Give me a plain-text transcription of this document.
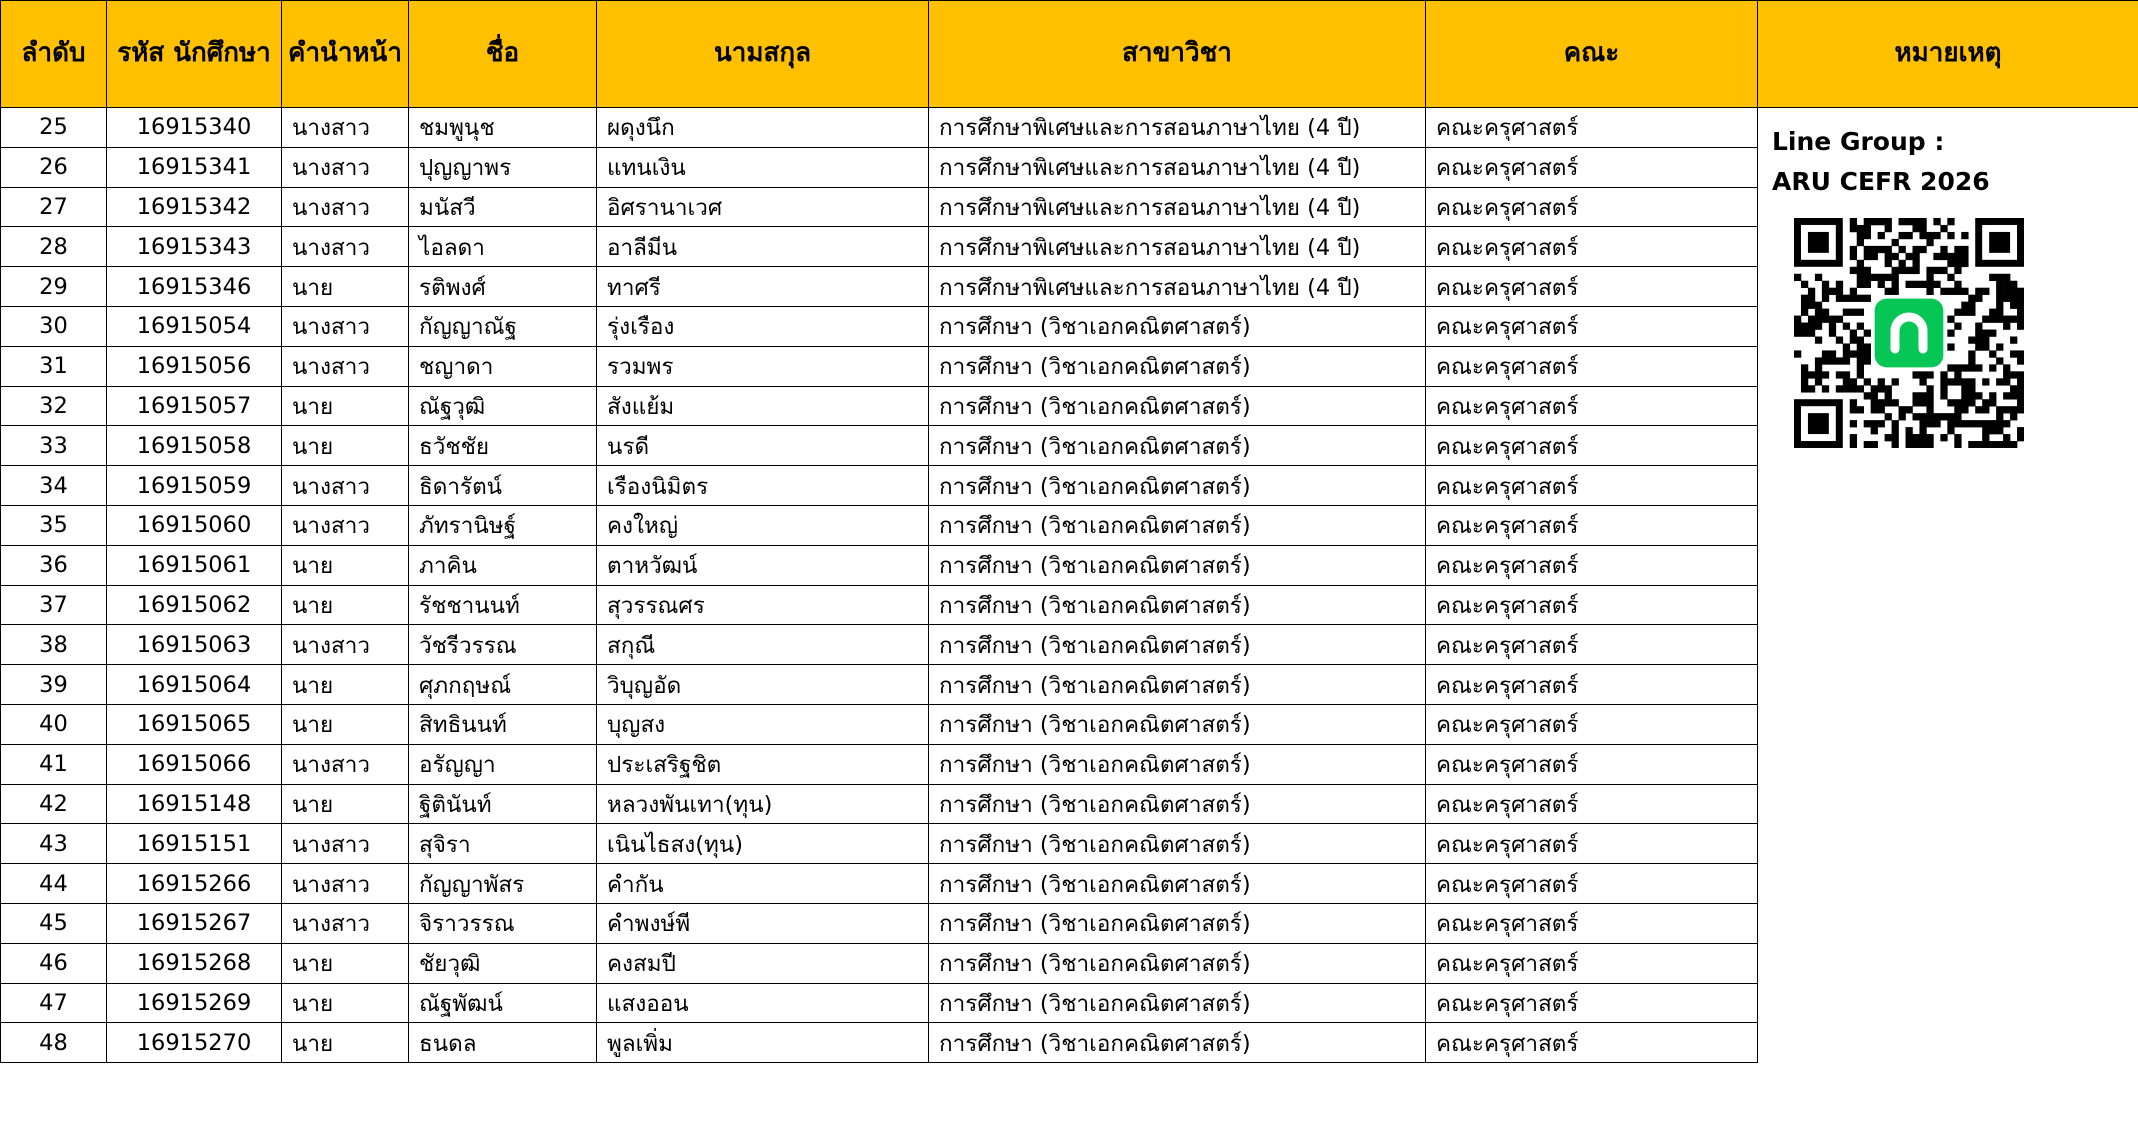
ลำดับ	รหัส นักศึกษา	คำนำหน้า	ชื่อ	นามสกุล	สาขาวิชา	คณะ	หมายเหตุ
25	16915340	นางสาว	ชมพูนุช	ผดุงนึก	การศึกษาพิเศษและการสอนภาษาไทย (4 ปี)	คณะครุศาสตร์	Line Group :
ARU CEFR 2026

26	16915341	นางสาว	ปุญญาพร	แทนเงิน	การศึกษาพิเศษและการสอนภาษาไทย (4 ปี)	คณะครุศาสตร์	
27	16915342	นางสาว	มนัสวี	อิศรานาเวศ	การศึกษาพิเศษและการสอนภาษาไทย (4 ปี)	คณะครุศาสตร์	
28	16915343	นางสาว	ไอลดา	อาลีมีน	การศึกษาพิเศษและการสอนภาษาไทย (4 ปี)	คณะครุศาสตร์	
29	16915346	นาย	รติพงศ์	ทาศรี	การศึกษาพิเศษและการสอนภาษาไทย (4 ปี)	คณะครุศาสตร์	
30	16915054	นางสาว	กัญญาณัฐ	รุ่งเรือง	การศึกษา (วิชาเอกคณิตศาสตร์)	คณะครุศาสตร์	
31	16915056	นางสาว	ชญาดา	รวมพร	การศึกษา (วิชาเอกคณิตศาสตร์)	คณะครุศาสตร์	
32	16915057	นาย	ณัฐวุฒิ	สังแย้ม	การศึกษา (วิชาเอกคณิตศาสตร์)	คณะครุศาสตร์	
33	16915058	นาย	ธวัชชัย	นรดี	การศึกษา (วิชาเอกคณิตศาสตร์)	คณะครุศาสตร์	
34	16915059	นางสาว	ธิดารัตน์	เรืองนิมิตร	การศึกษา (วิชาเอกคณิตศาสตร์)	คณะครุศาสตร์	
35	16915060	นางสาว	ภัทรานิษฐ์	คงใหญ่	การศึกษา (วิชาเอกคณิตศาสตร์)	คณะครุศาสตร์	
36	16915061	นาย	ภาคิน	ตาหวัฒน์	การศึกษา (วิชาเอกคณิตศาสตร์)	คณะครุศาสตร์	
37	16915062	นาย	รัชชานนท์	สุวรรณศร	การศึกษา (วิชาเอกคณิตศาสตร์)	คณะครุศาสตร์	
38	16915063	นางสาว	วัชรีวรรณ	สกุณี	การศึกษา (วิชาเอกคณิตศาสตร์)	คณะครุศาสตร์	
39	16915064	นาย	ศุภกฤษณ์	วิบุญอัด	การศึกษา (วิชาเอกคณิตศาสตร์)	คณะครุศาสตร์	
40	16915065	นาย	สิทธินนท์	บุญสง	การศึกษา (วิชาเอกคณิตศาสตร์)	คณะครุศาสตร์	
41	16915066	นางสาว	อรัญญา	ประเสริฐชิต	การศึกษา (วิชาเอกคณิตศาสตร์)	คณะครุศาสตร์	
42	16915148	นาย	ฐิตินันท์	หลวงพันเทา(ทุน)	การศึกษา (วิชาเอกคณิตศาสตร์)	คณะครุศาสตร์	
43	16915151	นางสาว	สุจิรา	เนินไธสง(ทุน)	การศึกษา (วิชาเอกคณิตศาสตร์)	คณะครุศาสตร์	
44	16915266	นางสาว	กัญญาพัสร	คำกัน	การศึกษา (วิชาเอกคณิตศาสตร์)	คณะครุศาสตร์	
45	16915267	นางสาว	จิราวรรณ	คำพงษ์พี	การศึกษา (วิชาเอกคณิตศาสตร์)	คณะครุศาสตร์	
46	16915268	นาย	ชัยวุฒิ	คงสมปี	การศึกษา (วิชาเอกคณิตศาสตร์)	คณะครุศาสตร์	
47	16915269	นาย	ณัฐพัฒน์	แสงออน	การศึกษา (วิชาเอกคณิตศาสตร์)	คณะครุศาสตร์	
48	16915270	นาย	ธนดล	พูลเพิ่ม	การศึกษา (วิชาเอกคณิตศาสตร์)	คณะครุศาสตร์	
